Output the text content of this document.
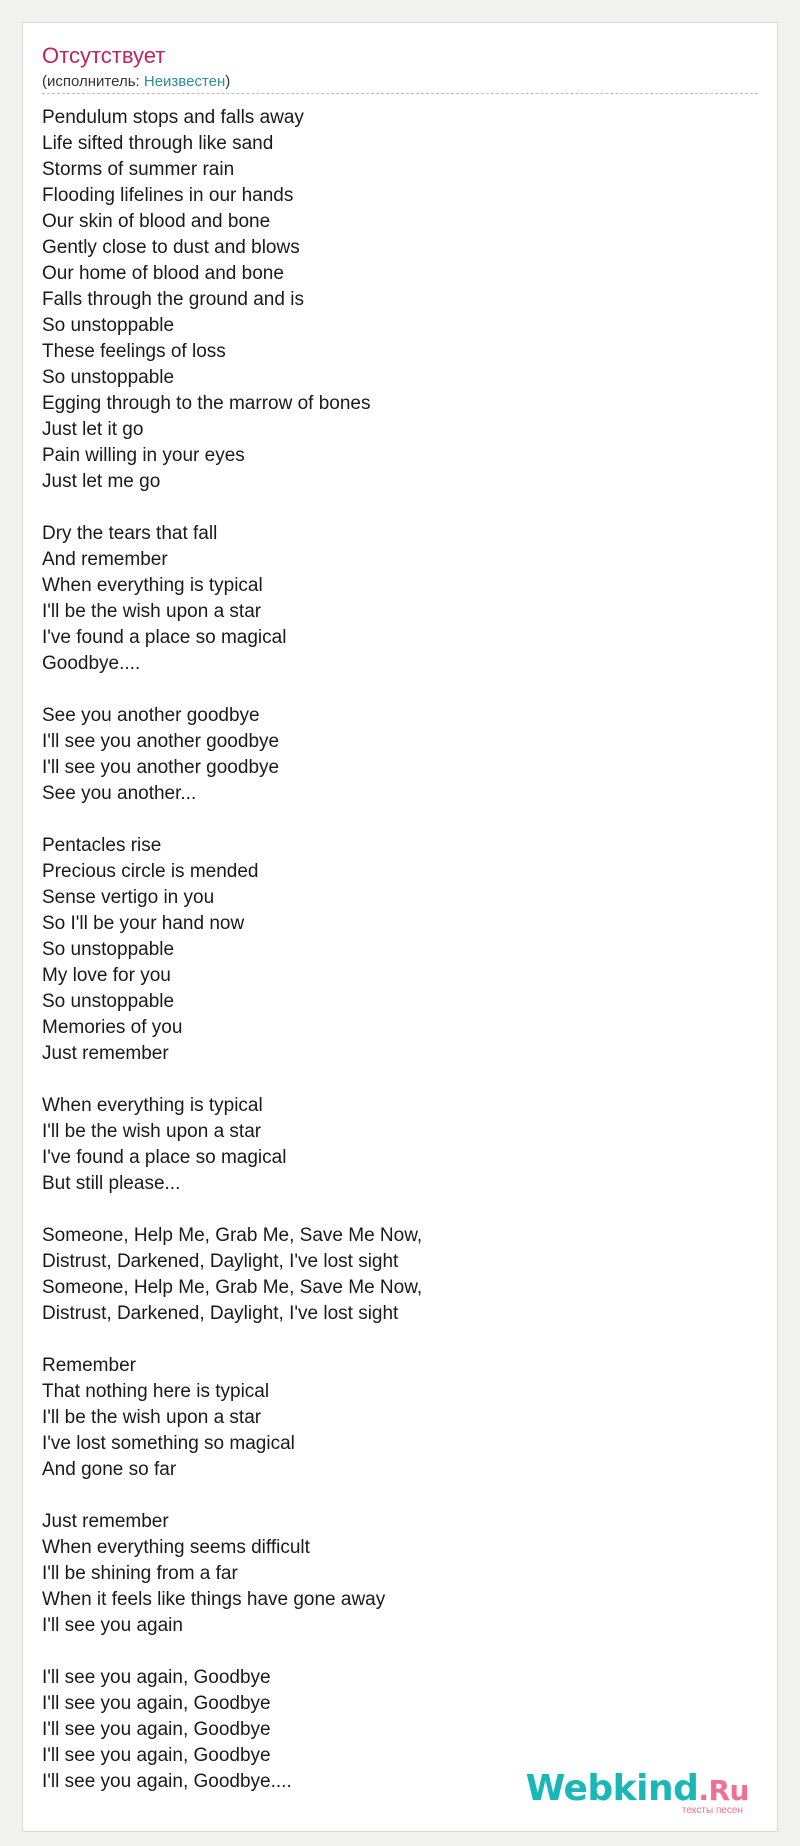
Отсутствует
(исполнитель: Неизвестен)
Pendulum stops and falls away
Life sifted through like sand
Storms of summer rain
Flooding lifelines in our hands
Our skin of blood and bone
Gently close to dust and blows
Our home of blood and bone
Falls through the ground and is
So unstoppable
These feelings of loss
So unstoppable
Egging through to the marrow of bones
Just let it go
Pain willing in your eyes
Just let me go
Dry the tears that fall
And remember
When everything is typical
I'll be the wish upon a star
I've found a place so magical
Goodbye....
See you another goodbye
I'll see you another goodbye
I'll see you another goodbye
See you another...
Pentacles rise
Precious circle is mended
Sense vertigo in you
So I'll be your hand now
So unstoppable
My love for you
So unstoppable
Memories of you
Just remember
When everything is typical
I'll be the wish upon a star
I've found a place so magical
But still please...
Someone, Help Me, Grab Me, Save Me Now,
Distrust, Darkened, Daylight, I've lost sight
Someone, Help Me, Grab Me, Save Me Now,
Distrust, Darkened, Daylight, I've lost sight
Remember
That nothing here is typical
I'll be the wish upon a star
I've lost something so magical
And gone so far
Just remember
When everything seems difficult
I'll be shining from a far
When it feels like things have gone away
I'll see you again
I'll see you again, Goodbye
I'll see you again, Goodbye
I'll see you again, Goodbye
I'll see you again, Goodbye
I'll see you again, Goodbye....	Webkind.Ru
тексты песен
